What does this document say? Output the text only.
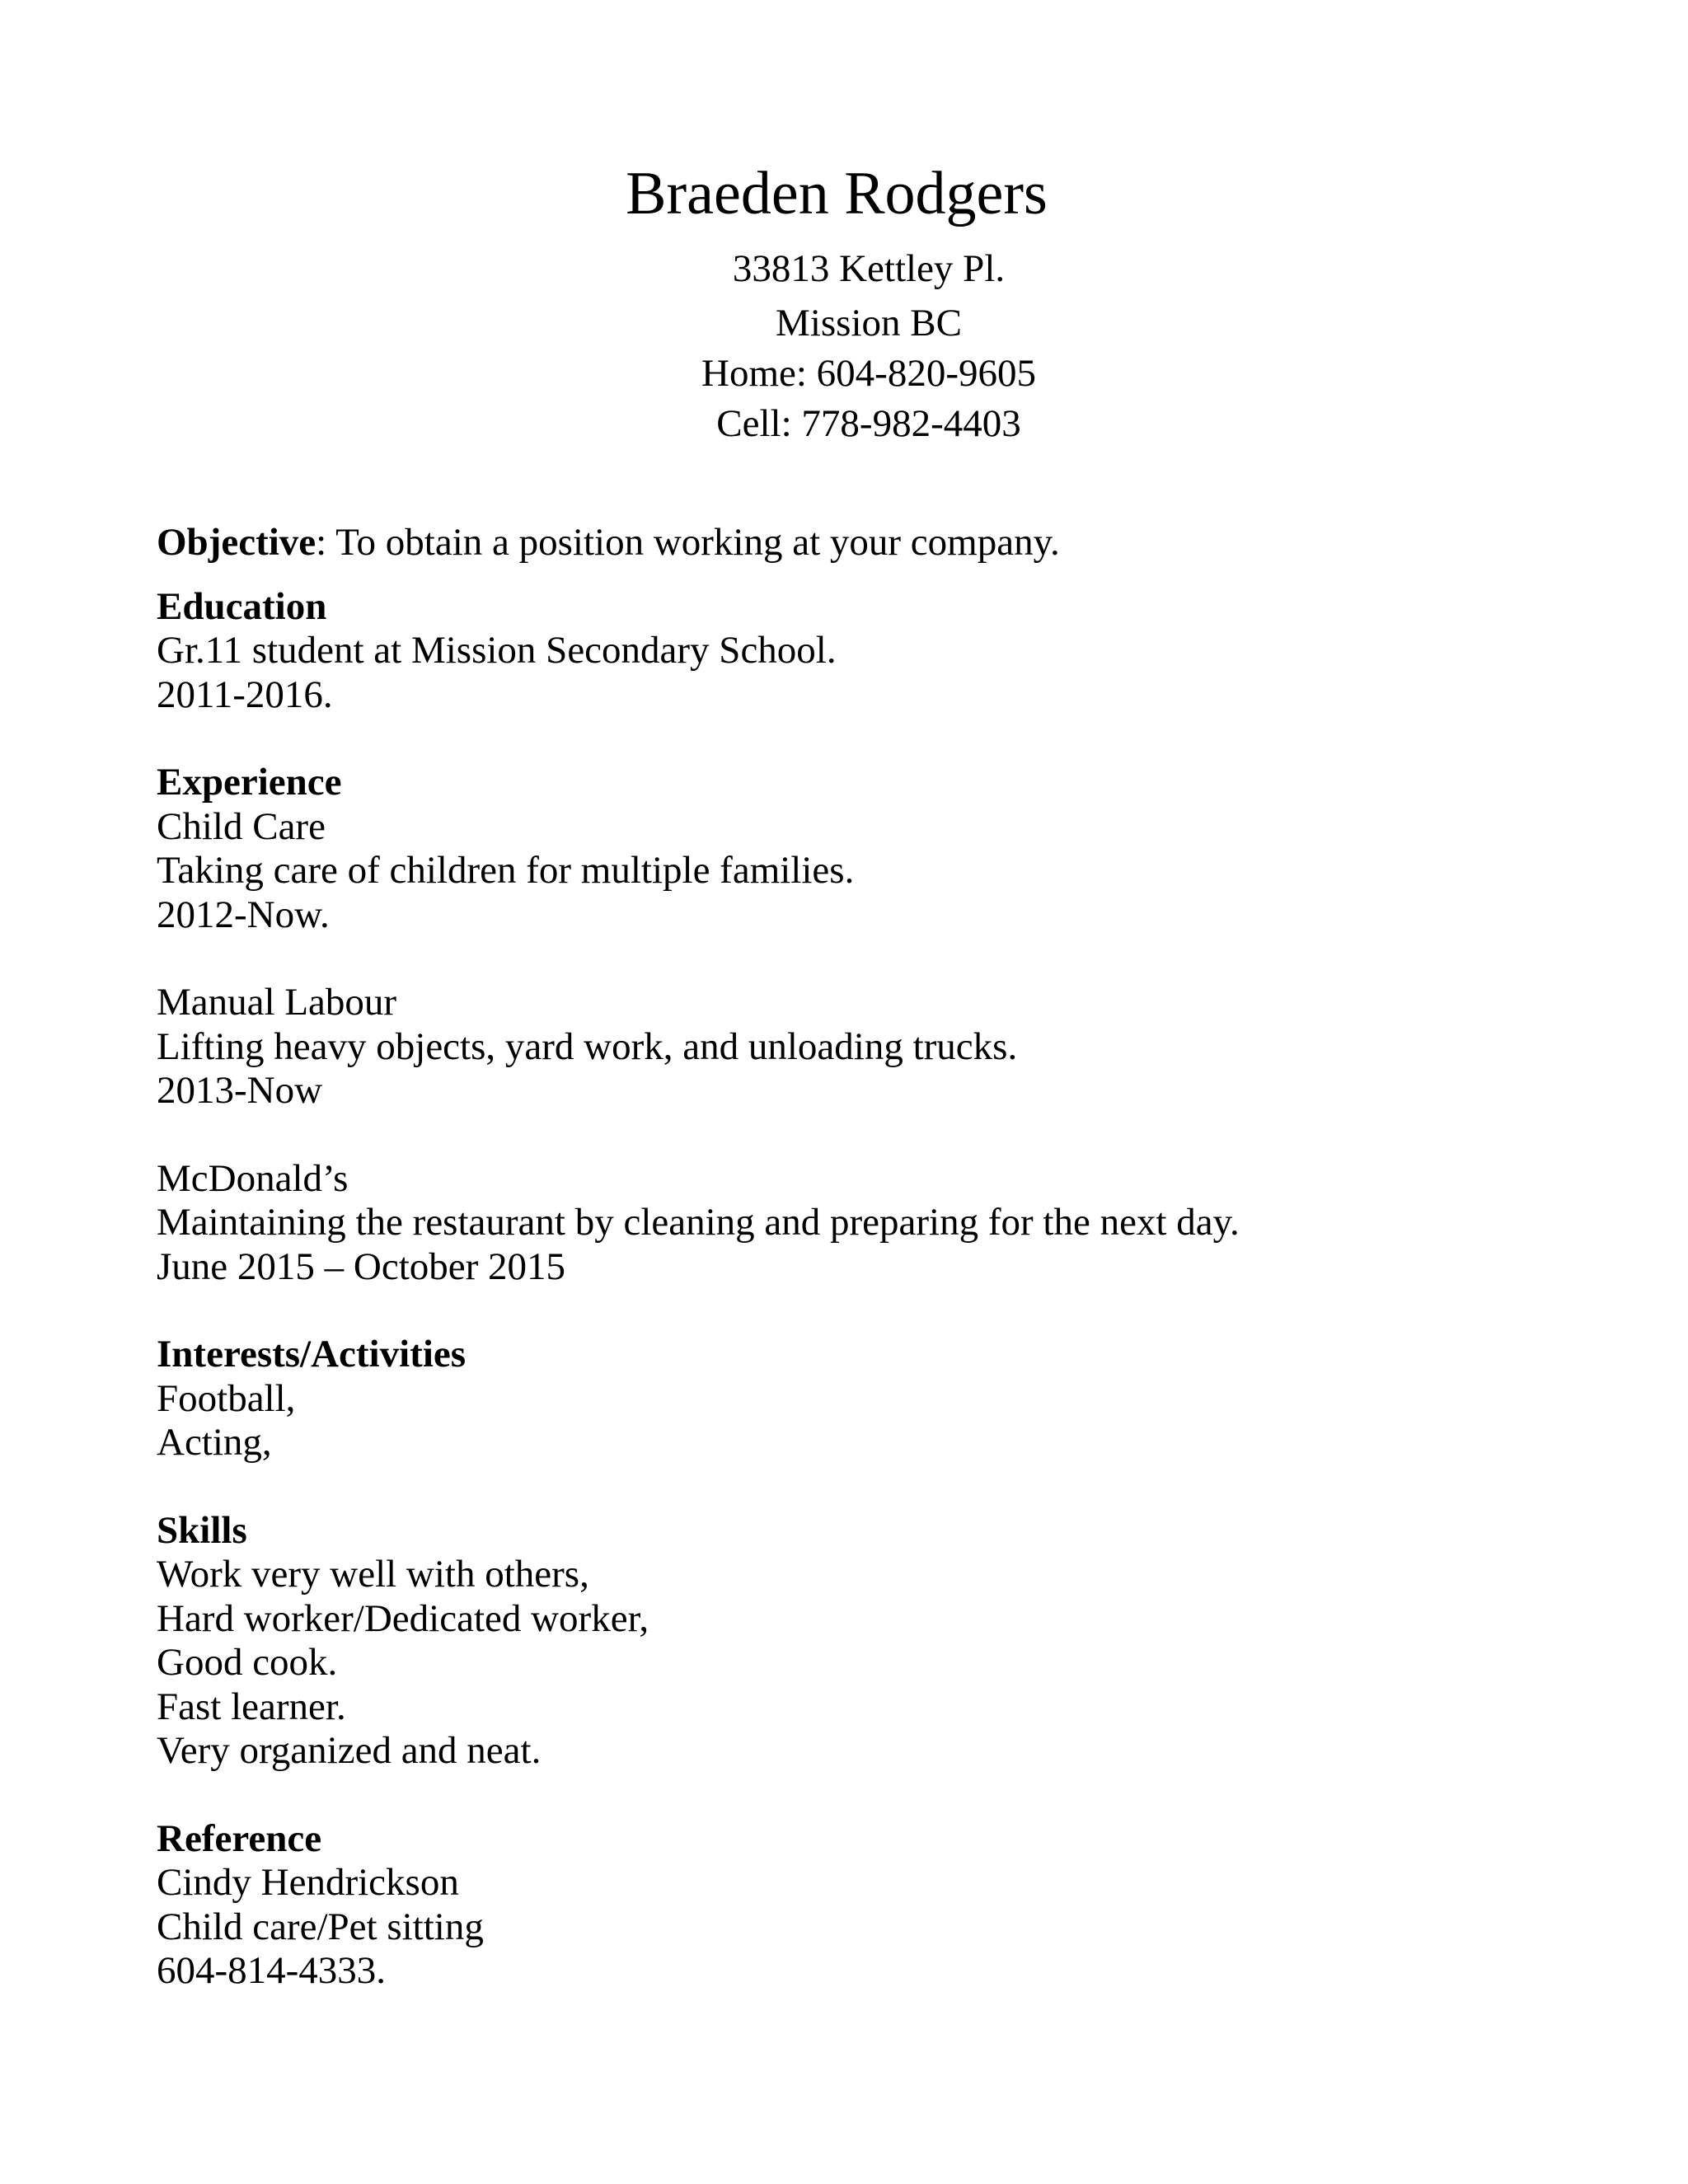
Braeden Rodgers
33813 Kettley Pl.
Mission BC
Home: 604-820-9605
Cell: 778-982-4403
Objective: To obtain a position working at your company.
Education
Gr.11 student at Mission Secondary School.
2011-2016.
Experience
Child Care
Taking care of children for multiple families.
2012-Now.
Manual Labour
Lifting heavy objects, yard work, and unloading trucks.
2013-Now
McDonald’s
Maintaining the restaurant by cleaning and preparing for the next day.
June 2015 – October 2015
Interests/Activities
Football,
Acting,
Skills
Work very well with others,
Hard worker/Dedicated worker,
Good cook.
Fast learner.
Very organized and neat.
Reference
Cindy Hendrickson
Child care/Pet sitting
604-814-4333.
